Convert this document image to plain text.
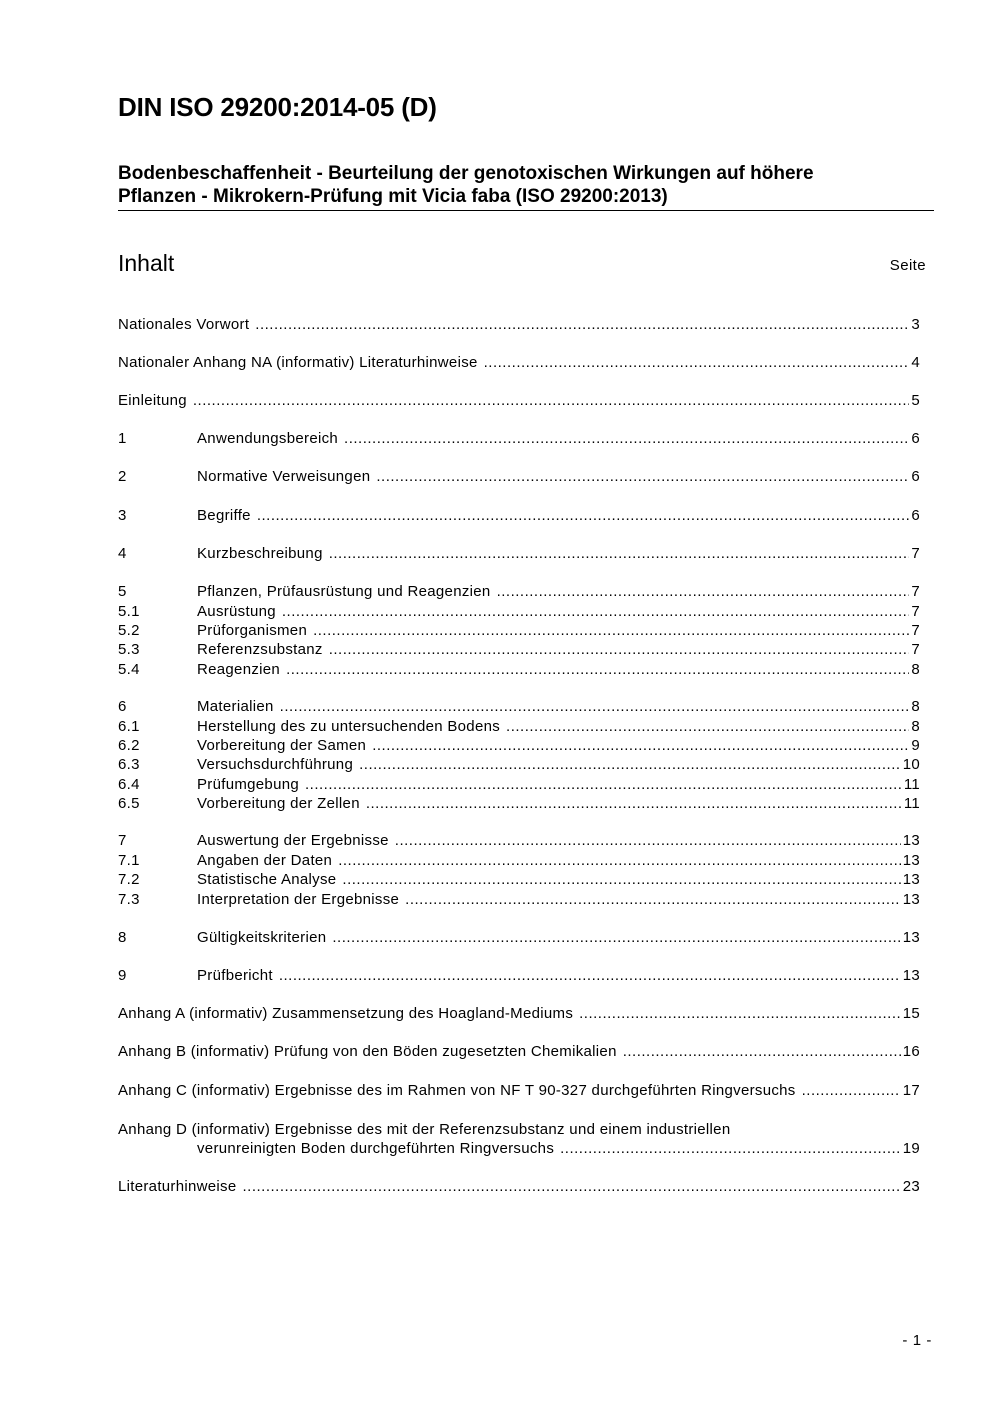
DIN ISO 29200:2014-05 (D)
Bodenbeschaffenheit - Beurteilung der genotoxischen Wirkungen auf höhere
Pflanzen - Mikrokern-Prüfung mit Vicia faba (ISO 29200:2013)
Inhalt	Seite
Nationales Vorwort .....	3
Nationaler Anhang NA (informativ) Literaturhinweise .....	4
Einleitung .....	5
1	Anwendungsbereich .....	6
2	Normative Verweisungen .....	6
3	Begriffe .....	6
4	Kurzbeschreibung .....	7
5	Pflanzen, Prüfausrüstung und Reagenzien .....	7
5.1	Ausrüstung .....	7
5.2	Prüforganismen .....	7
5.3	Referenzsubstanz .....	7
5.4	Reagenzien .....	8
6	Materialien .....	8
6.1	Herstellung des zu untersuchenden Bodens .....	8
6.2	Vorbereitung der Samen .....	9
6.3	Versuchsdurchführung .....	10
6.4	Prüfumgebung .....	11
6.5	Vorbereitung der Zellen .....	11
7	Auswertung der Ergebnisse .....	13
7.1	Angaben der Daten .....	13
7.2	Statistische Analyse .....	13
7.3	Interpretation der Ergebnisse .....	13
8	Gültigkeitskriterien .....	13
9	Prüfbericht .....	13
Anhang A (informativ) Zusammensetzung des Hoagland-Mediums .....	15
Anhang B (informativ) Prüfung von den Böden zugesetzten Chemikalien .....	16
Anhang C (informativ) Ergebnisse des im Rahmen von NF T 90-327 durchgeführten Ringversuchs .....	17
Anhang D (informativ) Ergebnisse des mit der Referenzsubstanz und einem industriellen
verunreinigten Boden durchgeführten Ringversuchs .....	19
Literaturhinweise .....	23
- 1 -
